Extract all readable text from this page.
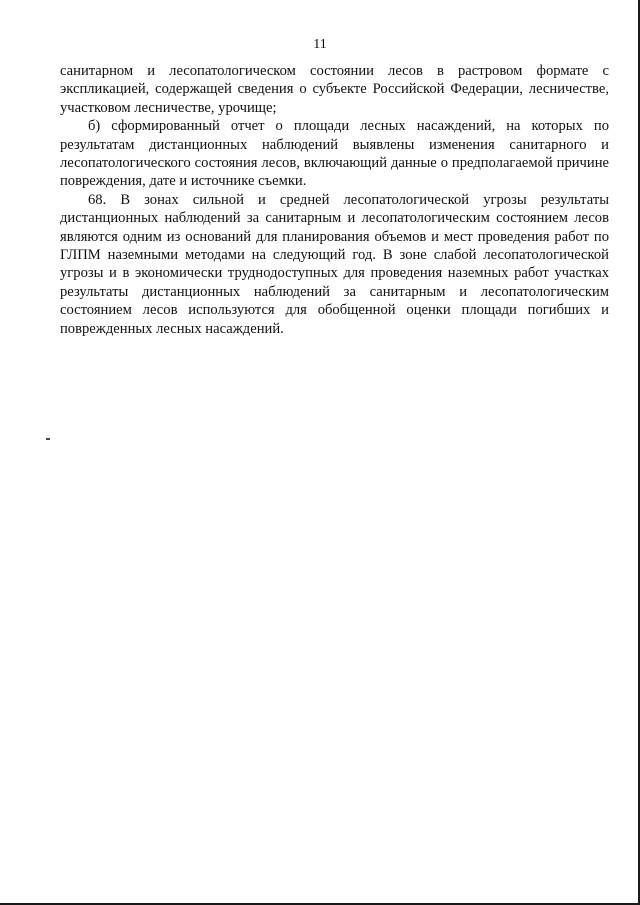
11

санитарном и лесопатологическом состоянии лесов в растровом формате с экспликацией, содержащей сведения о субъекте Российской Федерации, лесничестве, участковом лесничестве, урочище;

б) сформированный отчет о площади лесных насаждений, на которых по результатам дистанционных наблюдений выявлены изменения санитарного и лесопатологического состояния лесов, включающий данные о предполагаемой причине повреждения, дате и источнике съемки.

68. В зонах сильной и средней лесопатологической угрозы результаты дистанционных наблюдений за санитарным и лесопатологическим состоянием лесов являются одним из оснований для планирования объемов и мест проведения работ по ГЛПМ наземными методами на следующий год. В зоне слабой лесопатологической угрозы и в экономически труднодоступных для проведения наземных работ участках результаты дистанционных наблюдений за санитарным и лесопатологическим состоянием лесов используются для обобщенной оценки площади погибших и поврежденных лесных насаждений.
